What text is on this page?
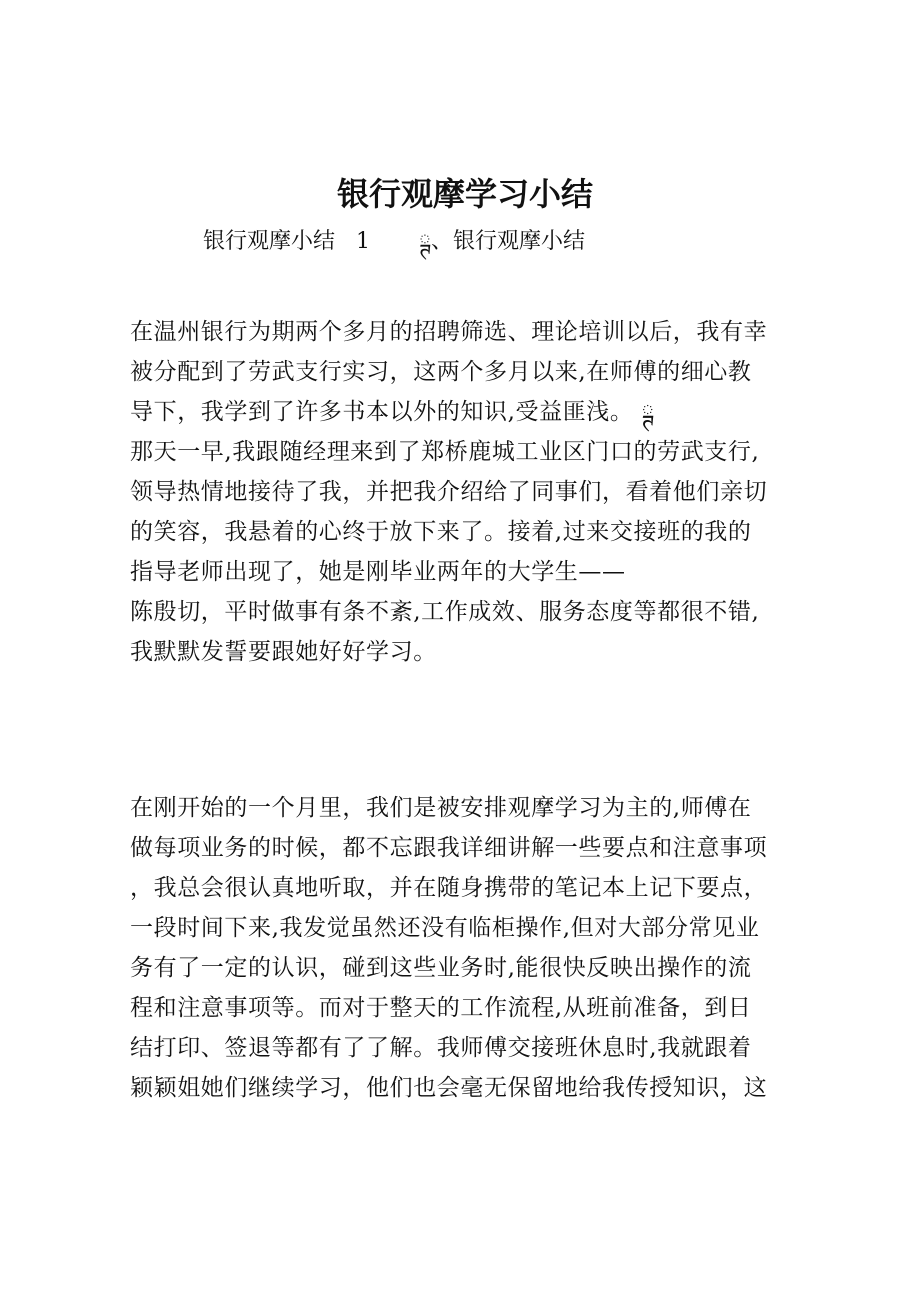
银行观摩学习小结
银行观摩小结   1       ྚ、银行观摩小结
在温州银行为期两个多月的招聘筛选、理论培训以后，我有幸
被分配到了劳武支行实习，这两个多月以来,在师傅的细心教
导下，我学到了许多书本以外的知识,受益匪浅。 ྚ
那天一早,我跟随经理来到了郑桥鹿城工业区门口的劳武支行,
领导热情地接待了我，并把我介绍给了同事们，看着他们亲切
的笑容，我悬着的心终于放下来了。接着,过来交接班的我的
指导老师出现了，她是刚毕业两年的大学生——
陈殷切，平时做事有条不紊,工作成效、服务态度等都很不错,
我默默发誓要跟她好好学习。
在刚开始的一个月里，我们是被安排观摩学习为主的,师傅在
做每项业务的时候，都不忘跟我详细讲解一些要点和注意事项
，我总会很认真地听取，并在随身携带的笔记本上记下要点，
一段时间下来,我发觉虽然还没有临柜操作,但对大部分常见业
务有了一定的认识，碰到这些业务时,能很快反映出操作的流
程和注意事项等。而对于整天的工作流程,从班前准备，到日
结打印、签退等都有了了解。我师傅交接班休息时,我就跟着
颖颖姐她们继续学习，他们也会毫无保留地给我传授知识，这
